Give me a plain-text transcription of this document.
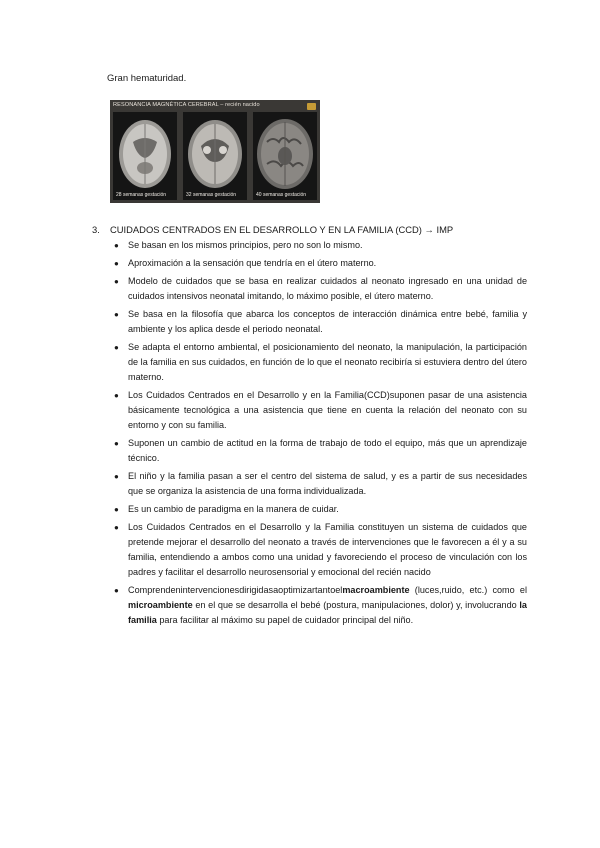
Gran hematuridad.
RESONANCIA MAGNÉTICA CEREBRAL – recién nacido
28 semanas gestación	32 semanas gestación	40 semanas gestación
3. CUIDADOS CENTRADOS EN EL DESARROLLO Y EN LA FAMILIA (CCD) → IMP
● Se basan en los mismos principios, pero no son lo mismo.
● Aproximación a la sensación que tendría en el útero materno.
● Modelo de cuidados que se basa en realizar cuidados al neonato ingresado en una unidad de cuidados intensivos neonatal imitando, lo máximo posible, el útero materno.
● Se basa en la filosofía que abarca los conceptos de interacción dinámica entre bebé, familia y ambiente y los aplica desde el periodo neonatal.
● Se adapta el entorno ambiental, el posicionamiento del neonato, la manipulación, la participación de la familia en sus cuidados, en función de lo que el neonato recibiría si estuviera dentro del útero materno.
● Los Cuidados Centrados en el Desarrollo y en la Familia(CCD)suponen pasar de una asistencia básicamente tecnológica a una asistencia que tiene en cuenta la relación del neonato con su entorno y con su familia.
● Suponen un cambio de actitud en la forma de trabajo de todo el equipo, más que un aprendizaje técnico.
● El niño y la familia pasan a ser el centro del sistema de salud, y es a partir de sus necesidades que se organiza la asistencia de una forma individualizada.
● Es un cambio de paradigma en la manera de cuidar.
● Los Cuidados Centrados en el Desarrollo y la Familia constituyen un sistema de cuidados que pretende mejorar el desarrollo del neonato a través de intervenciones que le favorecen a él y a su familia, entendiendo a ambos como una unidad y favoreciendo el proceso de vinculación con los padres y facilitar el desarrollo neurosensorial y emocional del recién nacido
● Comprendenintervencionesdirigidasaoptimizartantoelmacroambiente (luces,ruido, etc.) como el microambiente en el que se desarrolla el bebé (postura, manipulaciones, dolor) y, involucrando la familia para facilitar al máximo su papel de cuidador principal del niño.
